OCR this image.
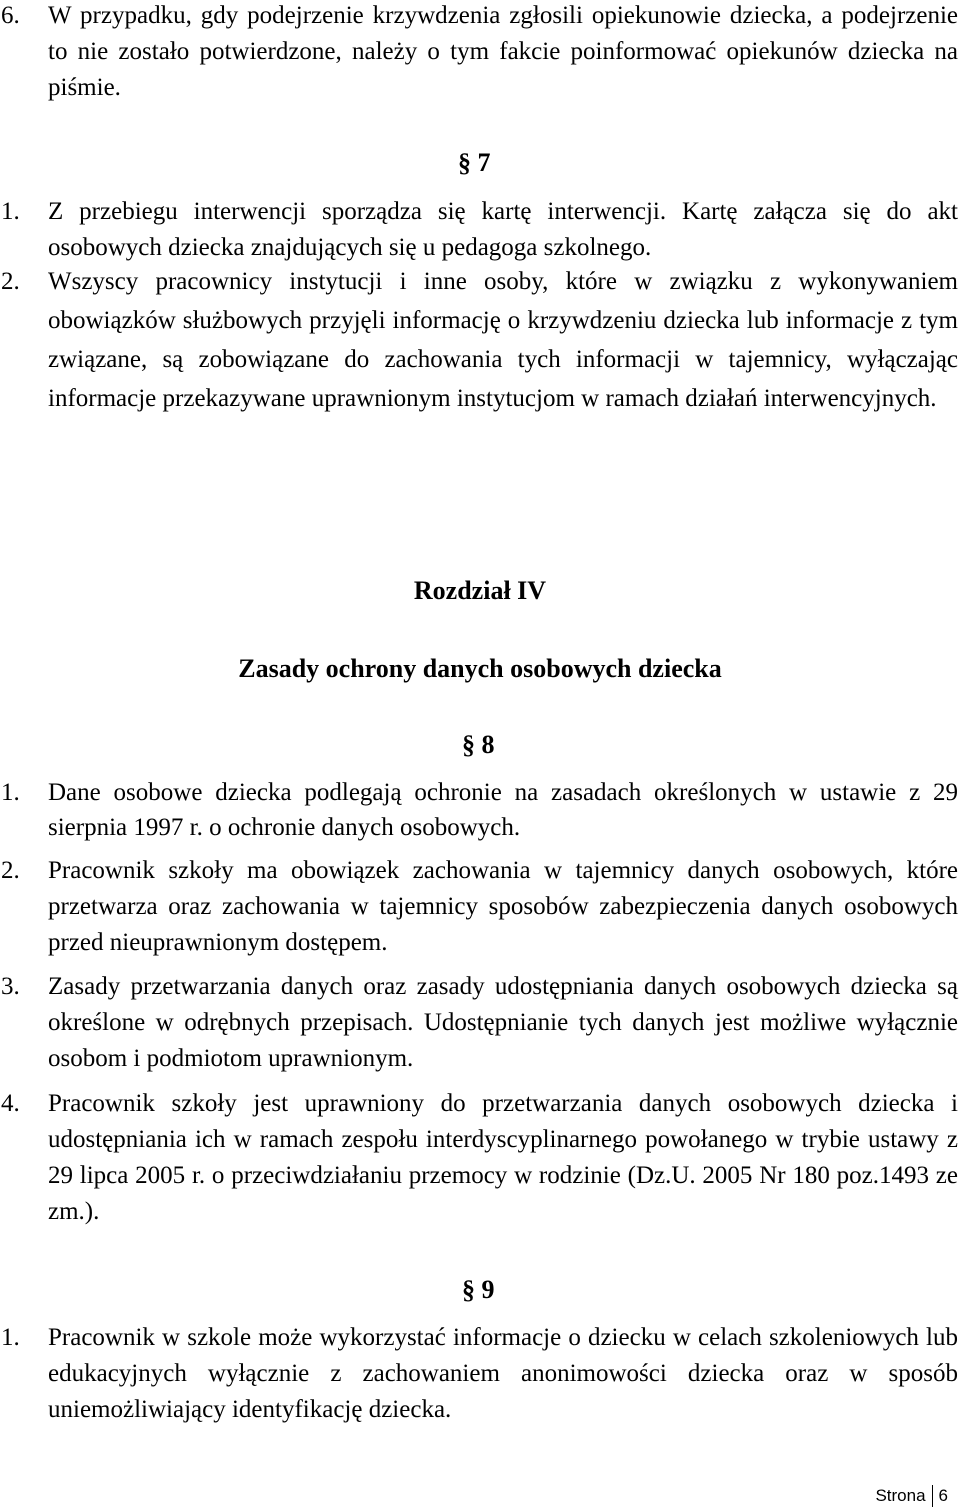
6.	W przypadku, gdy podejrzenie krzywdzenia zgłosili opiekunowie dziecka, a podejrzenie to nie zostało potwierdzone, należy o tym fakcie poinformować opiekunów dziecka na piśmie.
§ 7
1.	Z przebiegu interwencji sporządza się kartę interwencji. Kartę załącza się do akt osobowych dziecka znajdujących się u pedagoga szkolnego.
2.	Wszyscy pracownicy instytucji i inne osoby, które w związku z wykonywaniem obowiązków służbowych przyjęli informację o krzywdzeniu dziecka lub informacje z tym związane, są zobowiązane do zachowania tych informacji w tajemnicy, wyłączając informacje przekazywane uprawnionym instytucjom w ramach działań interwencyjnych.
Rozdział IV
Zasady ochrony danych osobowych dziecka
§ 8
1.	Dane osobowe dziecka podlegają ochronie na zasadach określonych w ustawie z 29 sierpnia 1997 r. o ochronie danych osobowych.
2.	Pracownik szkoły ma obowiązek zachowania w tajemnicy danych osobowych, które przetwarza oraz zachowania w tajemnicy sposobów zabezpieczenia danych osobowych przed nieuprawnionym dostępem.
3.	Zasady przetwarzania danych oraz zasady udostępniania danych osobowych dziecka są określone w odrębnych przepisach. Udostępnianie tych danych jest możliwe wyłącznie osobom i podmiotom uprawnionym.
4.	Pracownik szkoły jest uprawniony do przetwarzania danych osobowych dziecka i udostępniania ich w ramach zespołu interdyscyplinarnego powołanego w trybie ustawy z 29 lipca 2005 r. o przeciwdziałaniu przemocy w rodzinie (Dz.U. 2005 Nr 180 poz.1493 ze zm.).
§ 9
1.	Pracownik w szkole może wykorzystać informacje o dziecku w celach szkoleniowych lub edukacyjnych wyłącznie z zachowaniem anonimowości dziecka oraz w sposób uniemożliwiający identyfikację dziecka.
Strona 6
